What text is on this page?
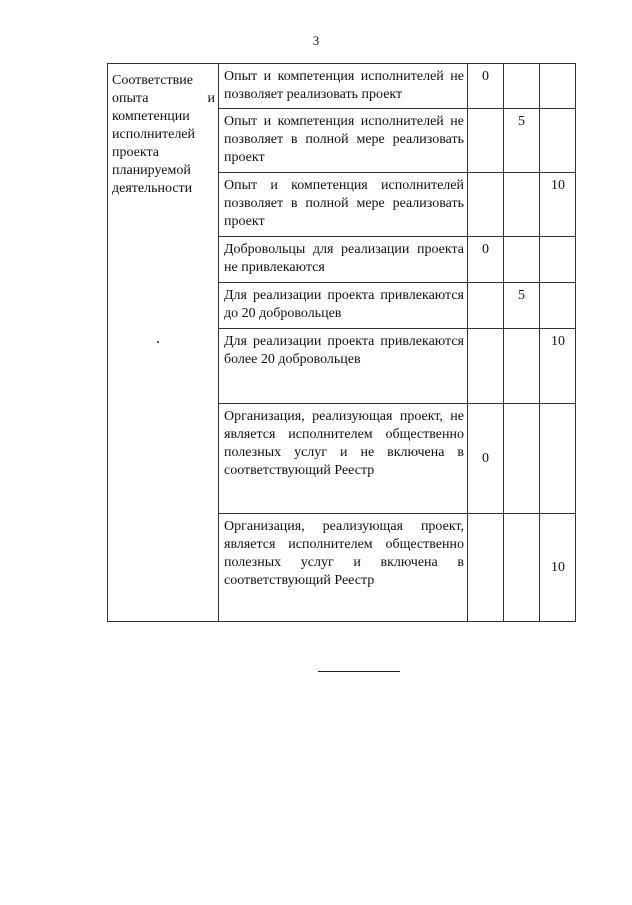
3
Соответствие опыта и компетенции исполнителей проекта планируемой деятельности	Опыт и компетенция исполнителей не позволяет реализовать проект	0		

	Опыт и компетенция исполнителей не позволяет в полной мере реализовать проект		5	

	Опыт и компетенция исполнителей позволяет в полной мере реализовать проект			10

	Добровольцы для реализации проекта не привлекаются	0		

	Для реализации проекта привлекаются до 20 добровольцев		5	

	Для реализации проекта привлекаются более 20 добровольцев			10

	Организация, реализующая проект, не является исполнителем общественно полезных услуг и не включена в соответствующий Реестр	0		

	Организация, реализующая проект, является исполнителем общественно полезных услуг и включена в соответствующий Реестр			10
